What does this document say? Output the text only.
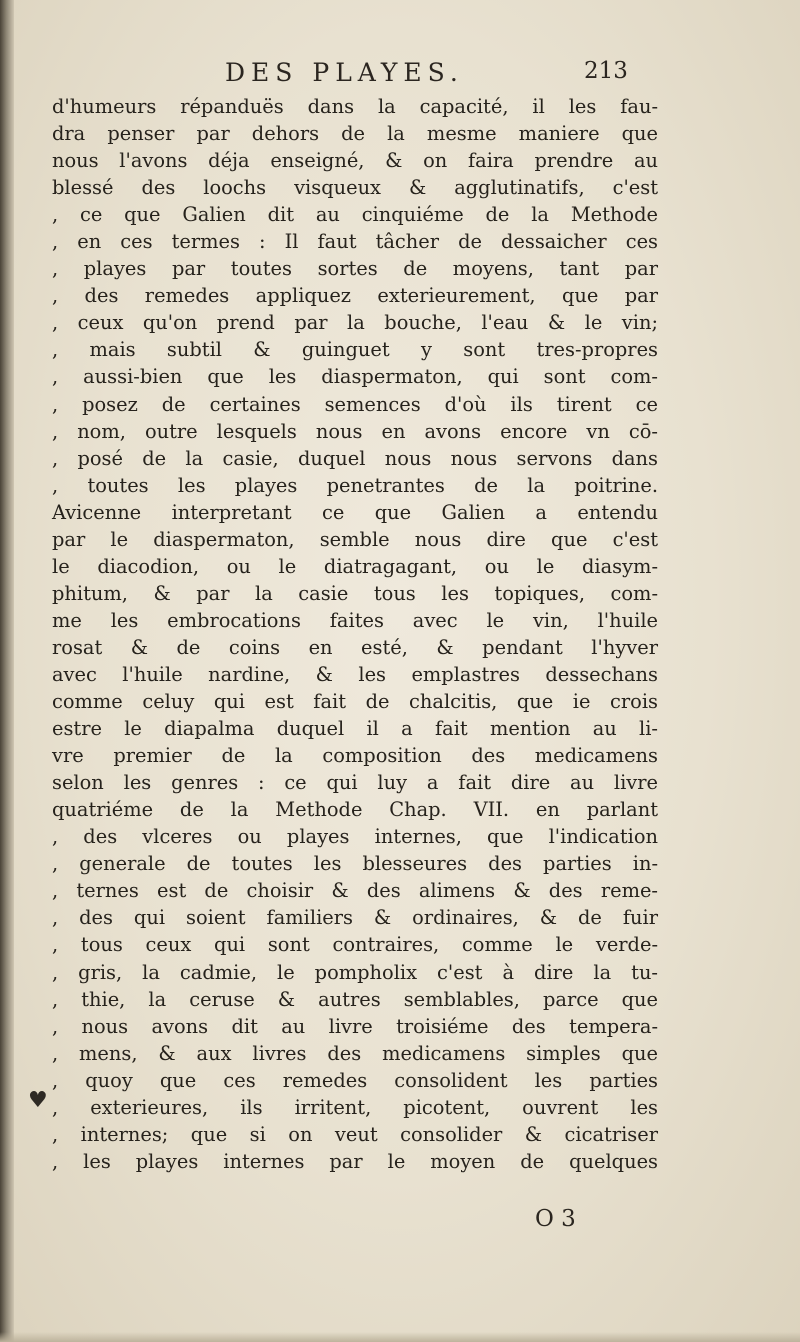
DES PLAYES.	213
♥
d'humeurs répanduës dans la capacité, il les fau-
dra penser par dehors de la mesme maniere que
nous l'avons déja enseigné, & on faira prendre au
blessé des loochs visqueux & agglutinatifs, c'est
, ce que Galien dit au cinquiéme de la Methode
, en ces termes : Il faut tâcher de dessaicher ces
, playes par toutes sortes de moyens, tant par
, des remedes appliquez exterieurement, que par
, ceux qu'on prend par la bouche, l'eau & le vin;
, mais subtil & guinguet y sont tres-propres
, aussi-bien que les diaspermaton, qui sont com-
, posez de certaines semences d'où ils tirent ce
, nom, outre lesquels nous en avons encore vn cō-
, posé de la casie, duquel nous nous servons dans
, toutes les playes penetrantes de la poitrine.
Avicenne interpretant ce que Galien a entendu
par le diaspermaton, semble nous dire que c'est
le diacodion, ou le diatragagant, ou le diasym-
phitum, & par la casie tous les topiques, com-
me les embrocations faites avec le vin, l'huile
rosat & de coins en esté, & pendant l'hyver
avec l'huile nardine, & les emplastres dessechans
comme celuy qui est fait de chalcitis, que ie crois
estre le diapalma duquel il a fait mention au li-
vre premier de la composition des medicamens
selon les genres : ce qui luy a fait dire au livre
quatriéme de la Methode Chap. VII. en parlant
, des vlceres ou playes internes, que l'indication
, generale de toutes les blesseures des parties in-
, ternes est de choisir & des alimens & des reme-
, des qui soient familiers & ordinaires, & de fuir
, tous ceux qui sont contraires, comme le verde-
, gris, la cadmie, le pompholix c'est à dire la tu-
, thie, la ceruse & autres semblables, parce que
, nous avons dit au livre troisiéme des tempera-
, mens, & aux livres des medicamens simples que
, quoy que ces remedes consolident les parties
, exterieures, ils irritent, picotent, ouvrent les
, internes; que si on veut consolider & cicatriser
, les playes internes par le moyen de quelques
O 3
